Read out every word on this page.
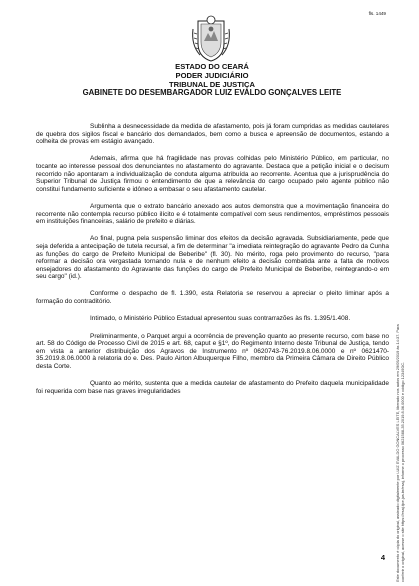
fls. 1449
ESTADO DO CEARÁ
PODER JUDICIÁRIO
TRIBUNAL DE JUSTIÇA
GABINETE DO DESEMBARGADOR LUIZ EVALDO GONÇALVES LEITE

Sublinha a desnecessidade da medida de afastamento, pois já foram cumpridas as medidas cautelares de quebra dos sigilos fiscal e bancário dos demandados, bem como a busca e apreensão de documentos, estando a colheita de provas em estágio avançado.

Ademais, afirma que há fragilidade nas provas colhidas pelo Ministério Público, em particular, no tocante ao interesse pessoal dos denunciantes no afastamento do agravante. Destaca que a petição inicial e o decisum recorrido não apontaram a individualização de conduta alguma atribuída ao recorrente. Acentua que a jurisprudência do Superior Tribunal de Justiça firmou o entendimento de que a relevância do cargo ocupado pelo agente público não constitui fundamento suficiente e idôneo a embasar o seu afastamento cautelar.

Argumenta que o extrato bancário anexado aos autos demonstra que a movimentação financeira do recorrente não contempla recurso público ilícito e é totalmente compatível com seus rendimentos, empréstimos pessoais em instituições financeiras, salário de prefeito e diárias.

Ao final, pugna pela suspensão liminar dos efeitos da decisão agravada. Subsidiariamente, pede que seja deferida a antecipação de tutela recursal, a fim de determinar "a imediata reintegração do agravante Pedro da Cunha as funções do cargo de Prefeito Municipal de Beberibe" (fl. 30). No mérito, roga pelo provimento do recurso, "para reformar a decisão ora vergastada tornando nula e de nenhum efeito a decisão combatida ante a falta de motivos ensejadores do afastamento do Agravante das funções do cargo de Prefeito Municipal de Beberibe, reintegrando-o em seu cargo" (id.).

Conforme o despacho de fl. 1.390, esta Relatoria se reservou a apreciar o pleito liminar após a formação do contraditório.

Intimado, o Ministério Público Estadual apresentou suas contrarrazões às fls. 1.395/1.408.

Preliminarmente, o Parquet argui a ocorrência de prevenção quanto ao presente recurso, com base no art. 58 do Código de Processo Civil de 2015 e art. 68, caput e §1º, do Regimento Interno deste Tribunal de Justiça, tendo em vista a anterior distribuição dos Agravos de Instrumento nº 0620743-76.2019.8.06.0000 e nº 0621470-35.2019.8.06.0000 à relatoria do e. Des. Paulo Airton Albuquerque Filho, membro da Primeira Câmara de Direito Público desta Corte.

Quanto ao mérito, sustenta que a medida cautelar de afastamento do Prefeito daquela municipalidade foi requerida com base nas graves irregularidades

4	Este documento é cópia do original, assinado digitalmente por LUIZ EVALDO GONCALVES LEITE, liberado nos autos em 29/05/2019 às 14:37. Para conferir o original, acesse o site https://esaj.tjce.jus.br/esaj, informe o processo 0621588-35.2019.8.06.0000 e código 12349DC.
